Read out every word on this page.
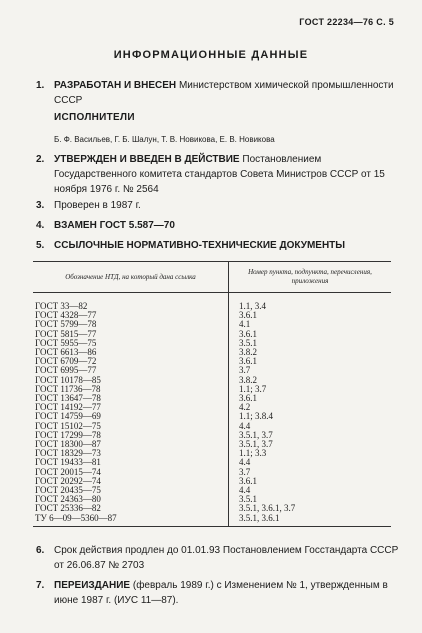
ГОСТ 22234—76 С. 5
ИНФОРМАЦИОННЫЕ ДАННЫЕ
1. РАЗРАБОТАН И ВНЕСЕН Министерством химической промышленности СССР
ИСПОЛНИТЕЛИ
Б. Ф. Васильев, Г. Б. Шалун, Т. В. Новикова, Е. В. Новикова
2. УТВЕРЖДЕН И ВВЕДЕН В ДЕЙСТВИЕ Постановлением Государственного комитета стандартов Совета Министров СССР от 15 ноября 1976 г. № 2564
3. Проверен в 1987 г.
4. ВЗАМЕН ГОСТ 5.587—70
5. ССЫЛОЧНЫЕ НОРМАТИВНО-ТЕХНИЧЕСКИЕ ДОКУМЕНТЫ
Обозначение НТД, на который дана ссылка	Номер пункта, подпункта, перечисления, приложения
ГОСТ 33—82	1.1, 3.4
ГОСТ 4328—77	3.6.1
ГОСТ 5799—78	4.1
ГОСТ 5815—77	3.6.1
ГОСТ 5955—75	3.5.1
ГОСТ 6613—86	3.8.2
ГОСТ 6709—72	3.6.1
ГОСТ 6995—77	3.7
ГОСТ 10178—85	3.8.2
ГОСТ 11736—78	1.1; 3.7
ГОСТ 13647—78	3.6.1
ГОСТ 14192—77	4.2
ГОСТ 14759—69	1.1; 3.8.4
ГОСТ 15102—75	4.4
ГОСТ 17299—78	3.5.1, 3.7
ГОСТ 18300—87	3.5.1, 3.7
ГОСТ 18329—73	1.1; 3.3
ГОСТ 19433—81	4.4
ГОСТ 20015—74	3.7
ГОСТ 20292—74	3.6.1
ГОСТ 20435—75	4.4
ГОСТ 24363—80	3.5.1
ГОСТ 25336—82	3.5.1, 3.6.1, 3.7
ТУ 6—09—5360—87	3.5.1, 3.6.1
6. Срок действия продлен до 01.01.93 Постановлением Госстандарта СССР от 26.06.87 № 2703
7. ПЕРЕИЗДАНИЕ (февраль 1989 г.) с Изменением № 1, утвержденным в июне 1987 г. (ИУС 11—87).
